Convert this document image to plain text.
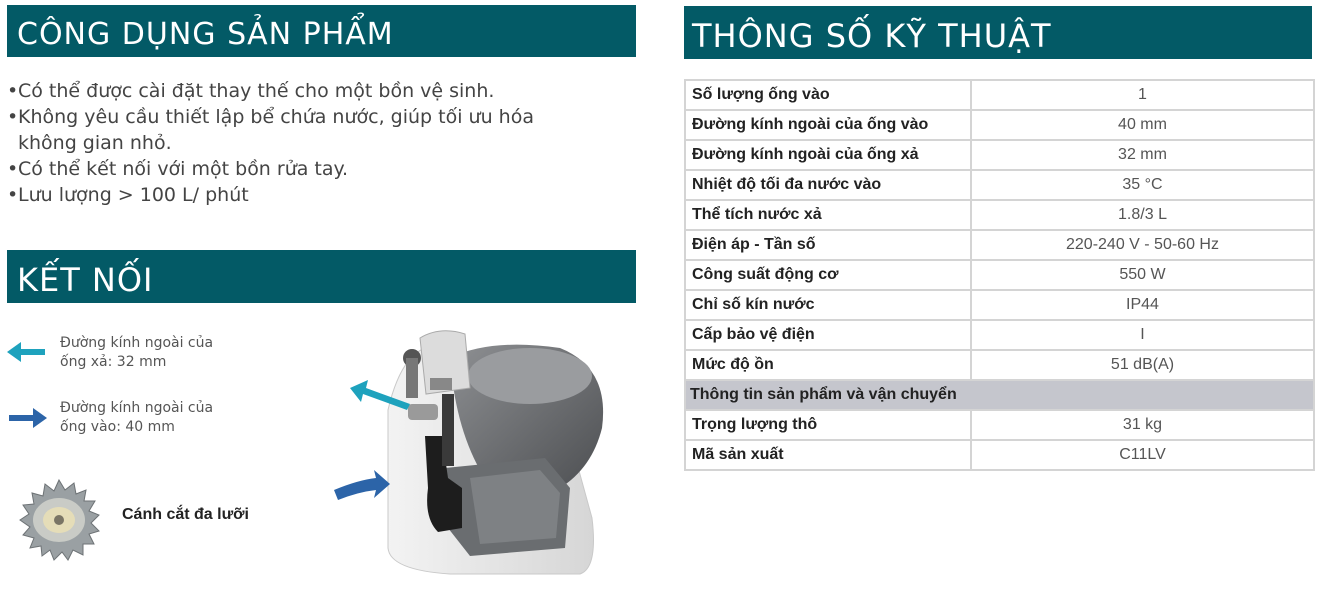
CÔNG DỤNG SẢN PHẨM
• Có thể được cài đặt thay thế cho một bồn vệ sinh.
• Không yêu cầu thiết lập bể chứa nước, giúp tối ưu hóa không gian nhỏ.
• Có thể kết nối với một bồn rửa tay.
• Lưu lượng > 100 L/ phút
KẾT NỐI
Đường kính ngoài của
ống xả: 32 mm
Đường kính ngoài của
ống vào: 40 mm
Cánh cắt đa lưỡi
THÔNG SỐ KỸ THUẬT
Số lượng ống vào	1
Đường kính ngoài của ống vào	40 mm
Đường kính ngoài của ống xả	32 mm
Nhiệt độ tối đa nước vào	35 °C
Thể tích nước xả	1.8/3 L
Điện áp - Tần số	220-240 V - 50-60 Hz
Công suất động cơ	550 W
Chỉ số kín nước	IP44
Cấp bảo vệ điện	I
Mức độ ồn	51 dB(A)
Thông tin sản phẩm và vận chuyển	
Trọng lượng thô	31 kg
Mã sản xuất	C11LV
